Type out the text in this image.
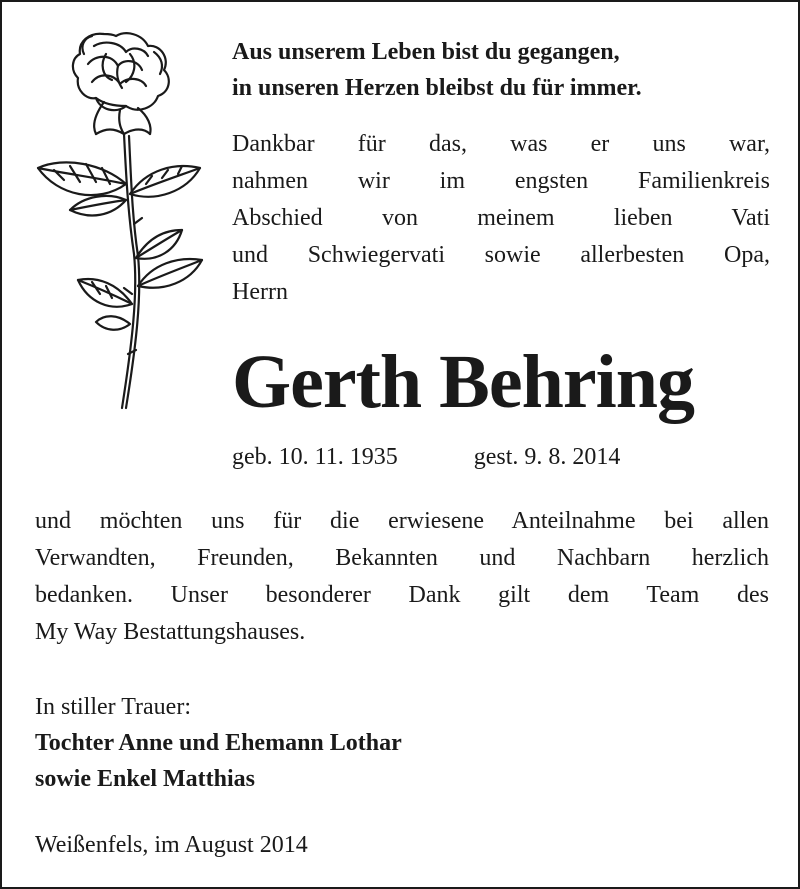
Aus unserem Leben bist du gegangen,
in unseren Herzen bleibst du für immer.
Dankbar für das, was er uns war,
nahmen wir im engsten Familienkreis
Abschied von meinem lieben Vati
und Schwiegervati sowie allerbesten Opa,
Herrn
Gerth Behring
geb. 10. 11. 1935	gest. 9. 8. 2014
und möchten uns für die erwiesene Anteilnahme bei allen
Verwandten, Freunden, Bekannten und Nachbarn herzlich
bedanken. Unser besonderer Dank gilt dem Team des
My Way Bestattungshauses.
In stiller Trauer:
Tochter Anne und Ehemann Lothar
sowie Enkel Matthias
Weißenfels, im August 2014
